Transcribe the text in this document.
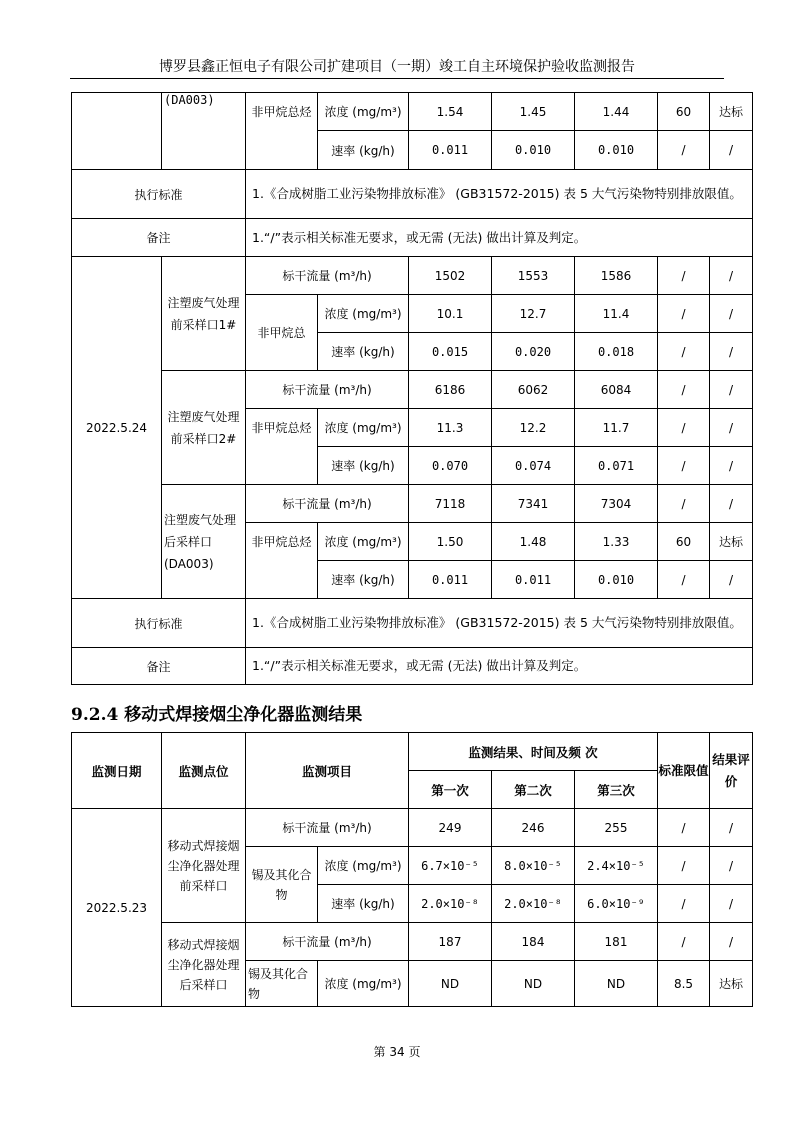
博罗县鑫正恒电子有限公司扩建项目（一期）竣工自主环境保护验收监测报告
	(DA003)	非甲烷总烃	浓度 (mg/m³)	1.54	1.45	1.44	60	达标
			速率 (kg/h)	0.011	0.010	0.010	/	/
执行标准		1.《合成树脂工业污染物排放标准》 (GB31572-2015) 表 5 大气污染物特别排放限值。						
备注		1.“/”表示相关标准无要求，或无需 (无法) 做出计算及判定。						
2022.5.24	注塑废气处理前采样口1#	标干流量 (m³/h)		1502	1553	1586	/	/
		非甲烷总	浓度 (mg/m³)	10.1	12.7	11.4	/	/
			速率 (kg/h)	0.015	0.020	0.018	/	/
	注塑废气处理前采样口2#	标干流量 (m³/h)		6186	6062	6084	/	/
		非甲烷总烃	浓度 (mg/m³)	11.3	12.2	11.7	/	/
			速率 (kg/h)	0.070	0.074	0.071	/	/
	注塑废气处理后采样口(DA003)	标干流量 (m³/h)		7118	7341	7304	/	/
		非甲烷总烃	浓度 (mg/m³)	1.50	1.48	1.33	60	达标
			速率 (kg/h)	0.011	0.011	0.010	/	/
执行标准		1.《合成树脂工业污染物排放标准》 (GB31572-2015) 表 5 大气污染物特别排放限值。						
备注		1.“/”表示相关标准无要求，或无需 (无法) 做出计算及判定。						
9.2.4 移动式焊接烟尘净化器监测结果
监测日期	监测点位	监测项目		监测结果、时间及频 次			标准限值	结果评价
				第一次	第二次	第三次		
2022.5.23	移动式焊接烟尘净化器处理前采样口	标干流量 (m³/h)		249	246	255	/	/
		锡及其化合物	浓度 (mg/m³)	6.7×10⁻⁵	8.0×10⁻⁵	2.4×10⁻⁵	/	/
			速率 (kg/h)	2.0×10⁻⁸	2.0×10⁻⁸	6.0×10⁻⁹	/	/
	移动式焊接烟尘净化器处理后采样口	标干流量 (m³/h)		187	184	181	/	/
		锡及其化合物	浓度 (mg/m³)	ND	ND	ND	8.5	达标
第 34 页
